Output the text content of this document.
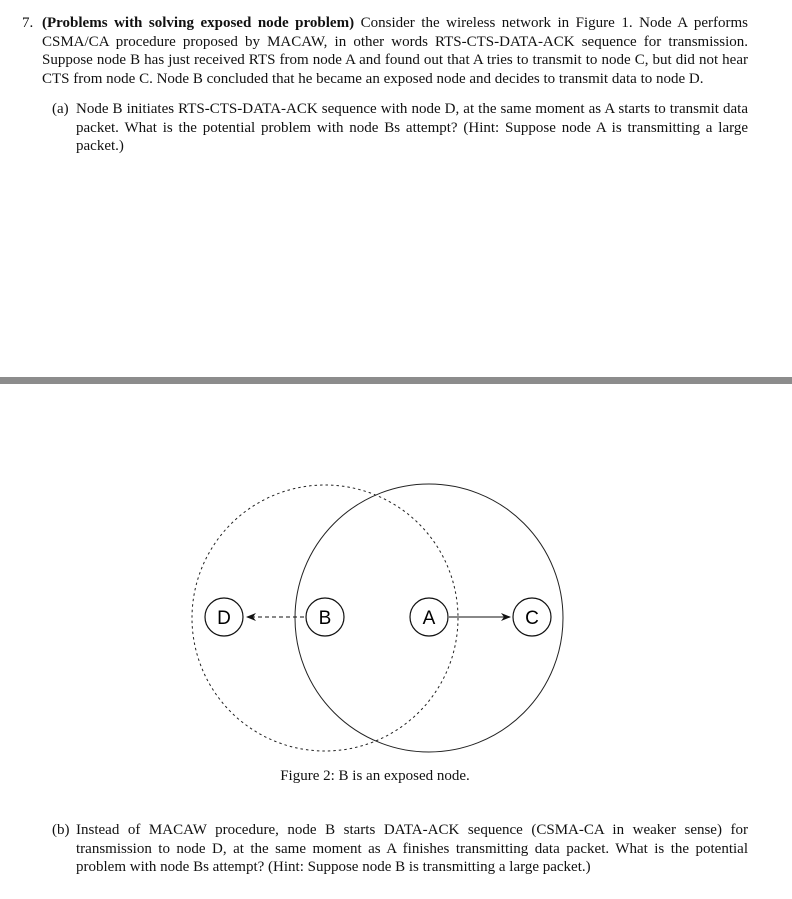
7. (Problems with solving exposed node problem) Consider the wireless network in Figure 1. Node A performs CSMA/CA procedure proposed by MACAW, in other words RTS-CTS-DATA-ACK sequence for transmission. Suppose node B has just received RTS from node A and found out that A tries to transmit to node C, but did not hear CTS from node C. Node B concluded that he became an exposed node and decides to transmit data to node D.
(a) Node B initiates RTS-CTS-DATA-ACK sequence with node D, at the same moment as A starts to transmit data packet. What is the potential problem with node Bs attempt? (Hint: Suppose node A is transmitting a large packet.)
D	B	A	C
Figure 2: B is an exposed node.
(b) Instead of MACAW procedure, node B starts DATA-ACK sequence (CSMA-CA in weaker sense) for transmission to node D, at the same moment as A finishes transmitting data packet. What is the potential problem with node Bs attempt? (Hint: Suppose node B is transmitting a large packet.)
